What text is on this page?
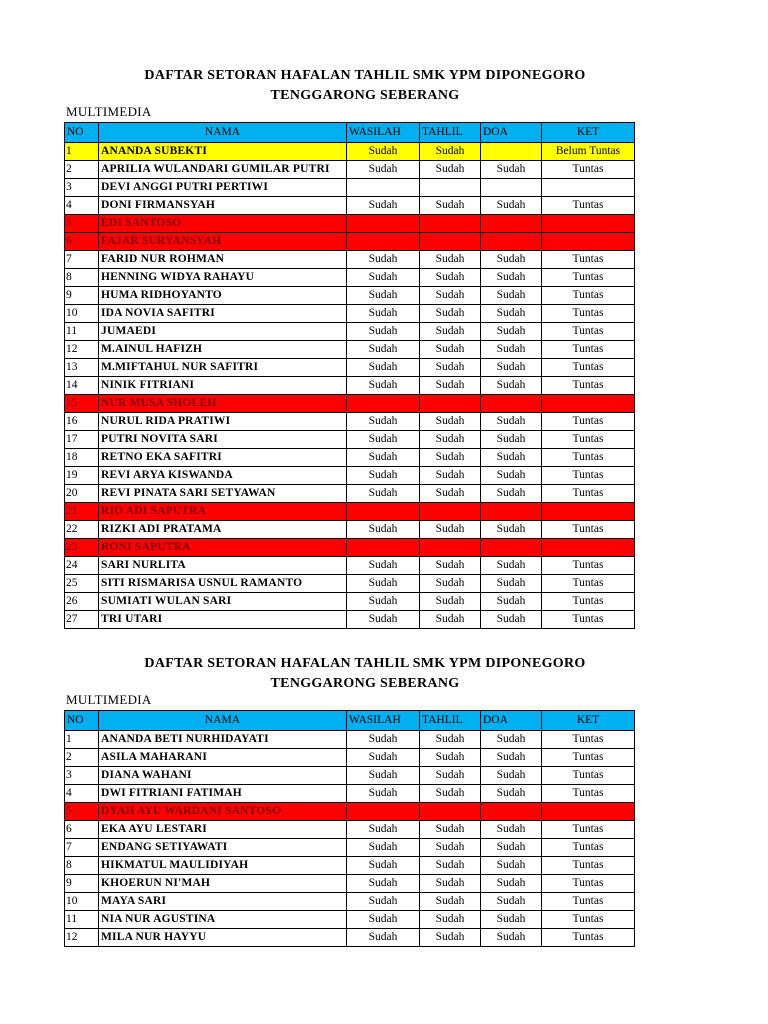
DAFTAR SETORAN HAFALAN TAHLIL SMK YPM DIPONEGORO
TENGGARONG SEBERANG
MULTIMEDIA
NO	NAMA	WASILAH	TAHLIL	DOA	KET
1	ANANDA SUBEKTI	Sudah	Sudah		Belum Tuntas
2	APRILIA WULANDARI GUMILAR PUTRI	Sudah	Sudah	Sudah	Tuntas
3	DEVI ANGGI PUTRI PERTIWI				
4	DONI FIRMANSYAH	Sudah	Sudah	Sudah	Tuntas
5	EDI SANTOSO				
6	FAJAR SURYANSYAH				
7	FARID NUR ROHMAN	Sudah	Sudah	Sudah	Tuntas
8	HENNING WIDYA RAHAYU	Sudah	Sudah	Sudah	Tuntas
9	HUMA RIDHOYANTO	Sudah	Sudah	Sudah	Tuntas
10	IDA NOVIA SAFITRI	Sudah	Sudah	Sudah	Tuntas
11	JUMAEDI	Sudah	Sudah	Sudah	Tuntas
12	M.AINUL HAFIZH	Sudah	Sudah	Sudah	Tuntas
13	M.MIFTAHUL NUR SAFITRI	Sudah	Sudah	Sudah	Tuntas
14	NINIK FITRIANI	Sudah	Sudah	Sudah	Tuntas
15	NUR MUSA SHOLEH				
16	NURUL RIDA PRATIWI	Sudah	Sudah	Sudah	Tuntas
17	PUTRI NOVITA SARI	Sudah	Sudah	Sudah	Tuntas
18	RETNO EKA SAFITRI	Sudah	Sudah	Sudah	Tuntas
19	REVI ARYA KISWANDA	Sudah	Sudah	Sudah	Tuntas
20	REVI PINATA SARI SETYAWAN	Sudah	Sudah	Sudah	Tuntas
21	RIO ADI SAPUTRA				
22	RIZKI ADI PRATAMA	Sudah	Sudah	Sudah	Tuntas
23	RONI SAPUTRA				
24	SARI NURLITA	Sudah	Sudah	Sudah	Tuntas
25	SITI RISMARISA USNUL RAMANTO	Sudah	Sudah	Sudah	Tuntas
26	SUMIATI WULAN SARI	Sudah	Sudah	Sudah	Tuntas
27	TRI UTARI	Sudah	Sudah	Sudah	Tuntas
DAFTAR SETORAN HAFALAN TAHLIL SMK YPM DIPONEGORO
TENGGARONG SEBERANG
MULTIMEDIA
NO	NAMA	WASILAH	TAHLIL	DOA	KET
1	ANANDA BETI NURHIDAYATI	Sudah	Sudah	Sudah	Tuntas
2	ASILA MAHARANI	Sudah	Sudah	Sudah	Tuntas
3	DIANA WAHANI	Sudah	Sudah	Sudah	Tuntas
4	DWI FITRIANI FATIMAH	Sudah	Sudah	Sudah	Tuntas
5	DYAH AYU WARDANI SANTOSO				
6	EKA AYU LESTARI	Sudah	Sudah	Sudah	Tuntas
7	ENDANG SETIYAWATI	Sudah	Sudah	Sudah	Tuntas
8	HIKMATUL MAULIDIYAH	Sudah	Sudah	Sudah	Tuntas
9	KHOERUN NI'MAH	Sudah	Sudah	Sudah	Tuntas
10	MAYA SARI	Sudah	Sudah	Sudah	Tuntas
11	NIA NUR AGUSTINA	Sudah	Sudah	Sudah	Tuntas
12	MILA NUR HAYYU	Sudah	Sudah	Sudah	Tuntas
